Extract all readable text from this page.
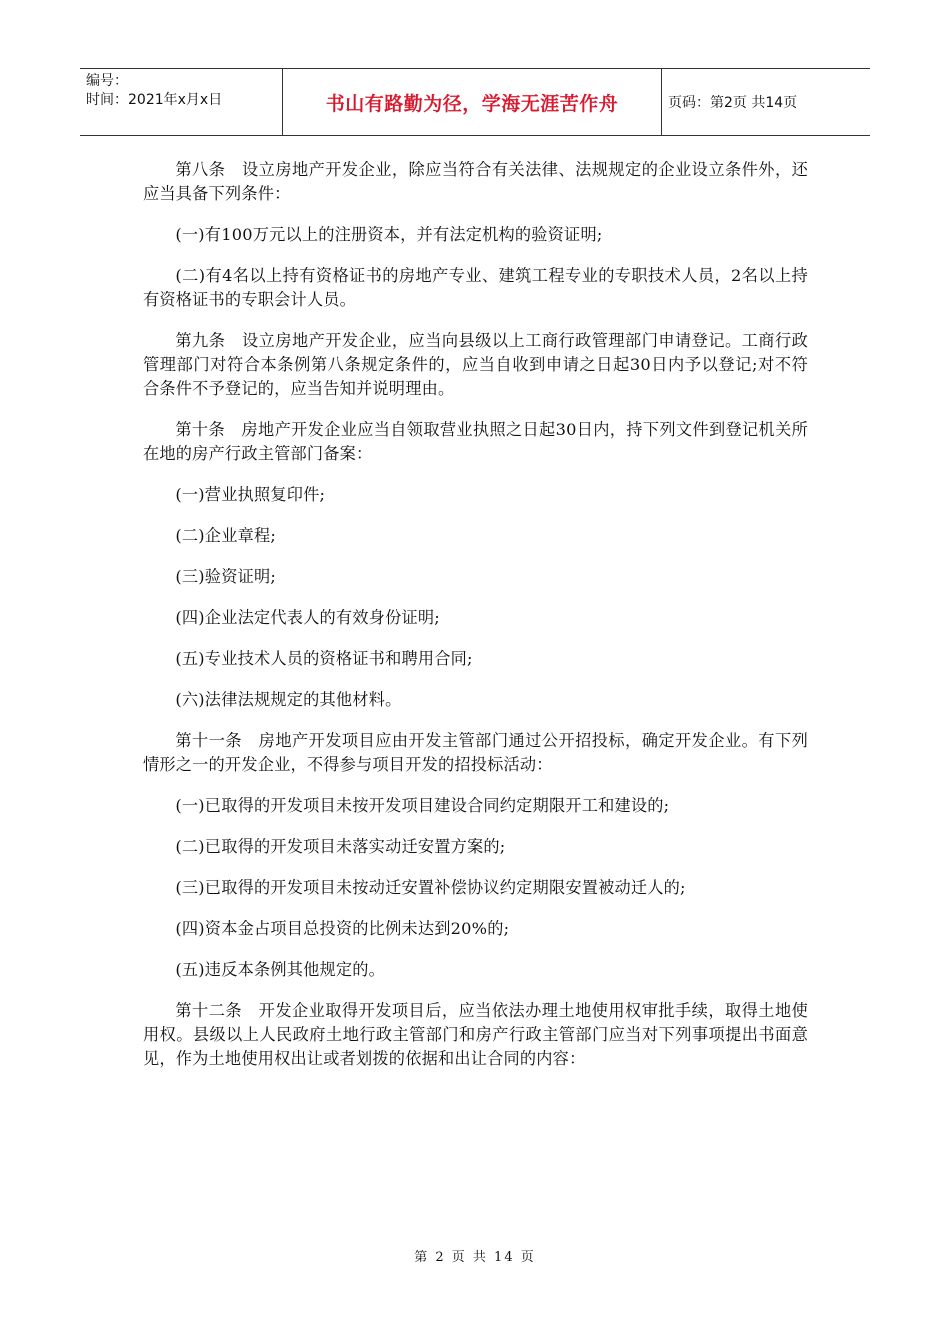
编号：
时间：2021年x月x日	书山有路勤为径，学海无涯苦作舟	页码：第2页 共14页

第八条　设立房地产开发企业，除应当符合有关法律、法规规定的企业设立条件外，还应当具备下列条件：

(一)有100万元以上的注册资本，并有法定机构的验资证明;

(二)有4名以上持有资格证书的房地产专业、建筑工程专业的专职技术人员，2名以上持有资格证书的专职会计人员。

第九条　设立房地产开发企业，应当向县级以上工商行政管理部门申请登记。工商行政管理部门对符合本条例第八条规定条件的，应当自收到申请之日起30日内予以登记;对不符合条件不予登记的，应当告知并说明理由。

第十条　房地产开发企业应当自领取营业执照之日起30日内，持下列文件到登记机关所在地的房产行政主管部门备案：

(一)营业执照复印件;

(二)企业章程;

(三)验资证明;

(四)企业法定代表人的有效身份证明;

(五)专业技术人员的资格证书和聘用合同;

(六)法律法规规定的其他材料。

第十一条　房地产开发项目应由开发主管部门通过公开招投标，确定开发企业。有下列情形之一的开发企业，不得参与项目开发的招投标活动：

(一)已取得的开发项目未按开发项目建设合同约定期限开工和建设的;

(二)已取得的开发项目未落实动迁安置方案的;

(三)已取得的开发项目未按动迁安置补偿协议约定期限安置被动迁人的;

(四)资本金占项目总投资的比例未达到20%的;

(五)违反本条例其他规定的。

第十二条　开发企业取得开发项目后，应当依法办理土地使用权审批手续，取得土地使用权。县级以上人民政府土地行政主管部门和房产行政主管部门应当对下列事项提出书面意见，作为土地使用权出让或者划拨的依据和出让合同的内容：

第 2 页 共 14 页
